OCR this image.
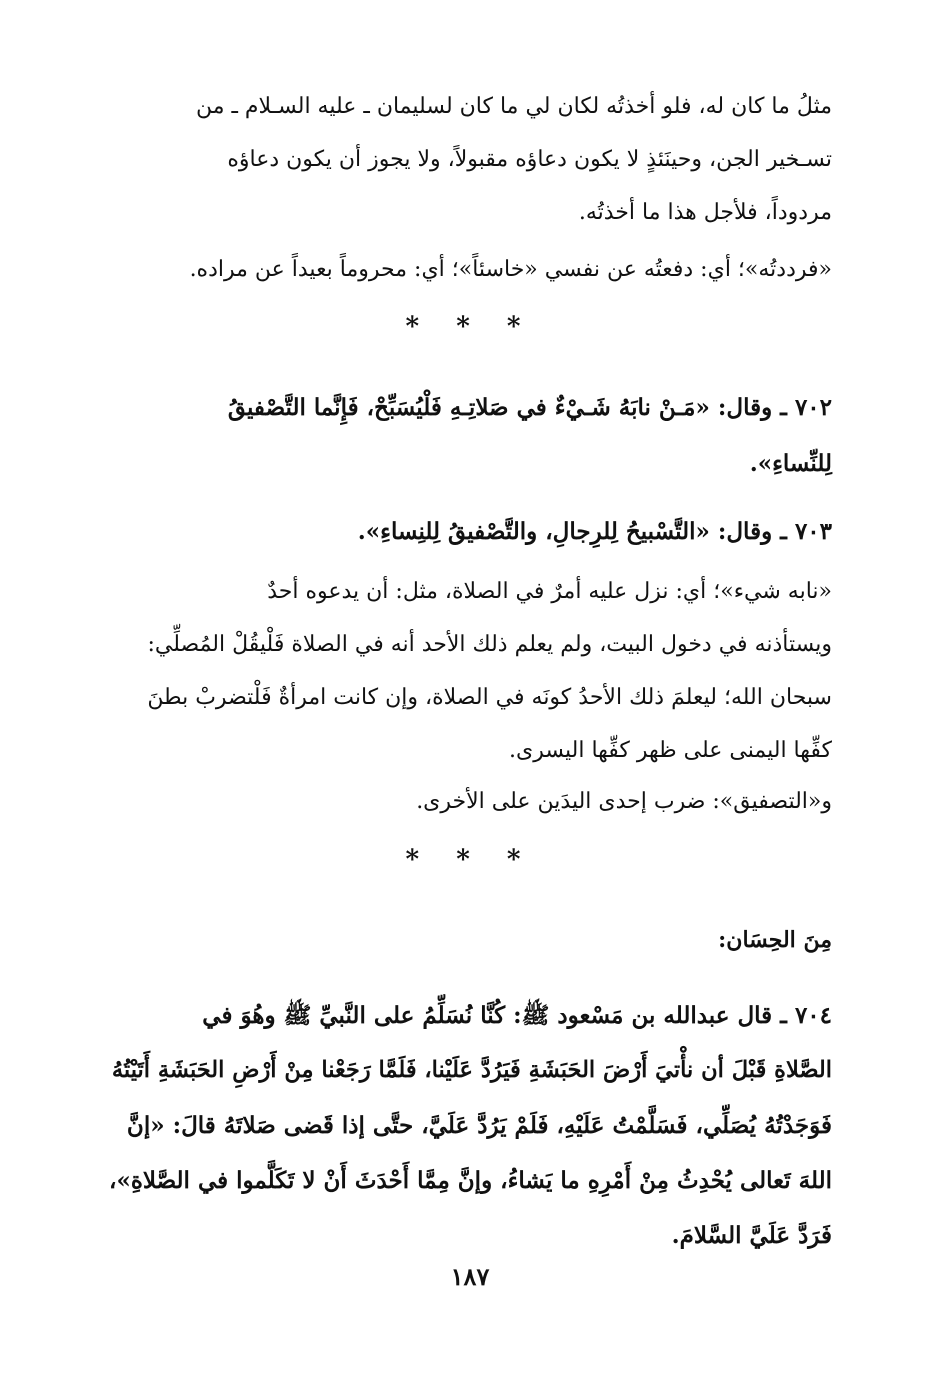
مثلُ ما كان له، فلو أخذتُه لكان لي ما كان لسليمان ـ عليه السـلام ـ من
تسـخير الجن، وحينَئذٍ لا يكون دعاؤه مقبولاً، ولا يجوز أن يكون دعاؤه
مردوداً، فلأجل هذا ما أخذتُه.
«فرددتُه»؛ أي: دفعتُه عن نفسي «خاسئاً»؛ أي: محروماً بعيداً عن مراده.
* * *
٧٠٢ ـ وقال: «مَـنْ نابَهُ شَـيْءٌ في صَلاتِـهِ فَلْيُسَبِّحْ، فَإِنَّما التَّصْفيقُ
لِلنِّساءِ».
٧٠٣ ـ وقال: «التَّسْبيحُ لِلرِجالِ، والتَّصْفيقُ لِلنِساءِ».
«نابه شيء»؛ أي: نزل عليه أمرٌ في الصلاة، مثل: أن يدعوه أحدٌ
ويستأذنه في دخول البيت، ولم يعلم ذلك الأحد أنه في الصلاة فَلْيقُلْ المُصلِّي:
سبحان الله؛ ليعلمَ ذلك الأحدُ كونَه في الصلاة، وإن كانت امرأةٌ فَلْتضربْ بطنَ
كفِّها اليمنى على ظهر كفِّها اليسرى.
و«التصفيق»: ضرب إحدى اليدَين على الأخرى.
* * *
مِنَ الحِسَان:
٧٠٤ ـ قال عبدالله بن مَسْعود ﷺ: كُنَّا نُسَلِّمُ على النَّبيِّ ﷺ وهُوَ في
الصَّلاةِ قَبْلَ أن نأْتيَ أَرْضَ الحَبَشَةِ فَيَرُدَّ عَلَيْنا، فَلَمَّا رَجَعْنا مِنْ أَرْضِ الحَبَشَةِ أَتَيْتُهُ
فَوَجَدْتُهُ يُصَلِّي، فَسَلَّمْتُ عَلَيْهِ، فَلَمْ يَرُدَّ عَلَيَّ، حتَّى إذا قَضى صَلاتَهُ قالَ: «إنَّ
اللهَ تَعالى يُحْدِثُ مِنْ أَمْرِهِ ما يَشاءُ، وإنَّ مِمَّا أَحْدَثَ أَنْ لا تَكَلَّموا في الصَّلاةِ»،
فَرَدَّ عَلَيَّ السَّلامَ.
١٨٧
